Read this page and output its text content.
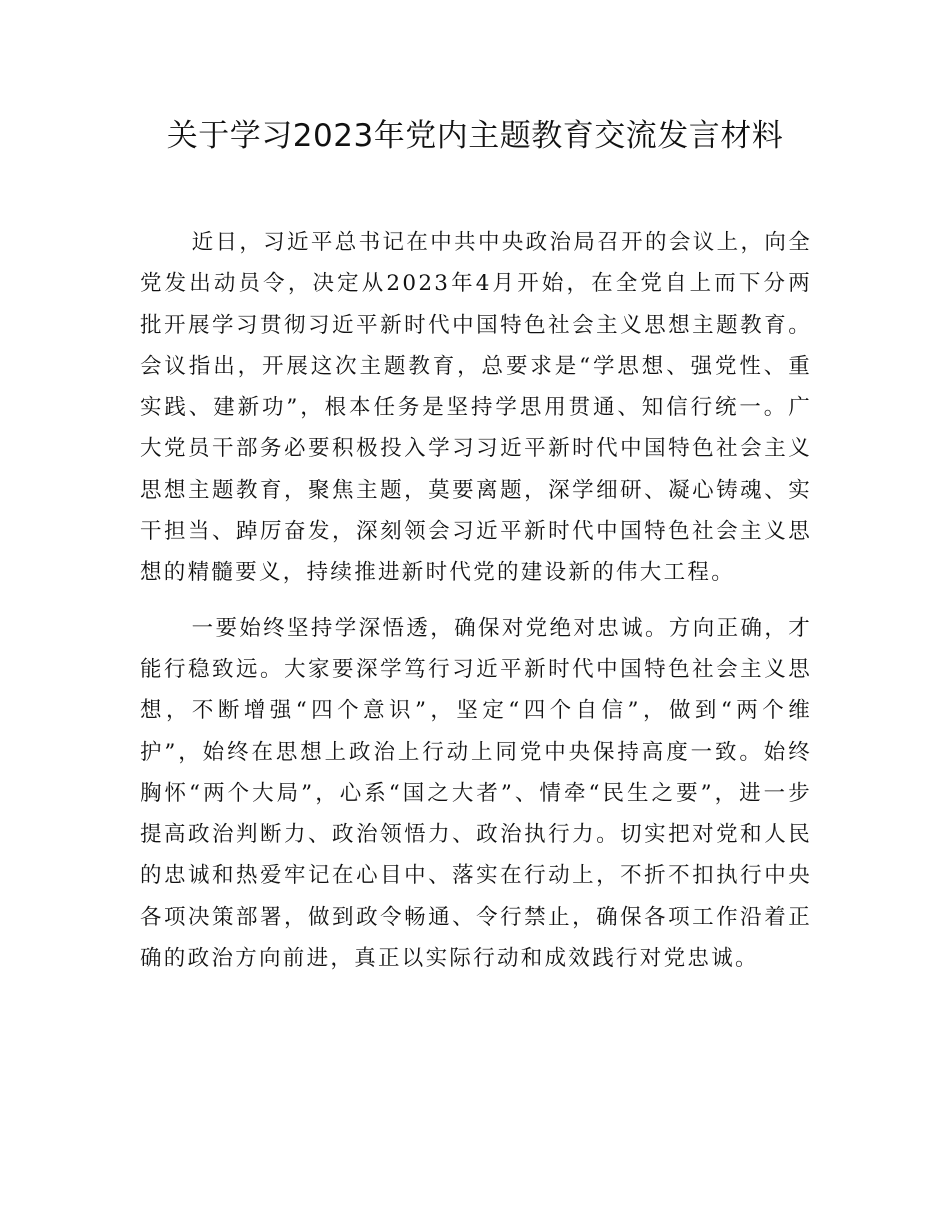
关于学习2023年党内主题教育交流发言材料

近日，习近平总书记在中共中央政治局召开的会议上，向全党发出动员令，决定从2023年4月开始，在全党自上而下分两批开展学习贯彻习近平新时代中国特色社会主义思想主题教育。会议指出，开展这次主题教育，总要求是“学思想、强党性、重实践、建新功”，根本任务是坚持学思用贯通、知信行统一。广大党员干部务必要积极投入学习习近平新时代中国特色社会主义思想主题教育，聚焦主题，莫要离题，深学细研、凝心铸魂、实干担当、踔厉奋发，深刻领会习近平新时代中国特色社会主义思想的精髓要义，持续推进新时代党的建设新的伟大工程。

一要始终坚持学深悟透，确保对党绝对忠诚。方向正确，才能行稳致远。大家要深学笃行习近平新时代中国特色社会主义思想，不断增强“四个意识”，坚定“四个自信”，做到“两个维护”，始终在思想上政治上行动上同党中央保持高度一致。始终胸怀“两个大局”，心系“国之大者”、情牵“民生之要”，进一步提高政治判断力、政治领悟力、政治执行力。切实把对党和人民的忠诚和热爱牢记在心目中、落实在行动上，不折不扣执行中央各项决策部署，做到政令畅通、令行禁止，确保各项工作沿着正确的政治方向前进，真正以实际行动和成效践行对党忠诚。
